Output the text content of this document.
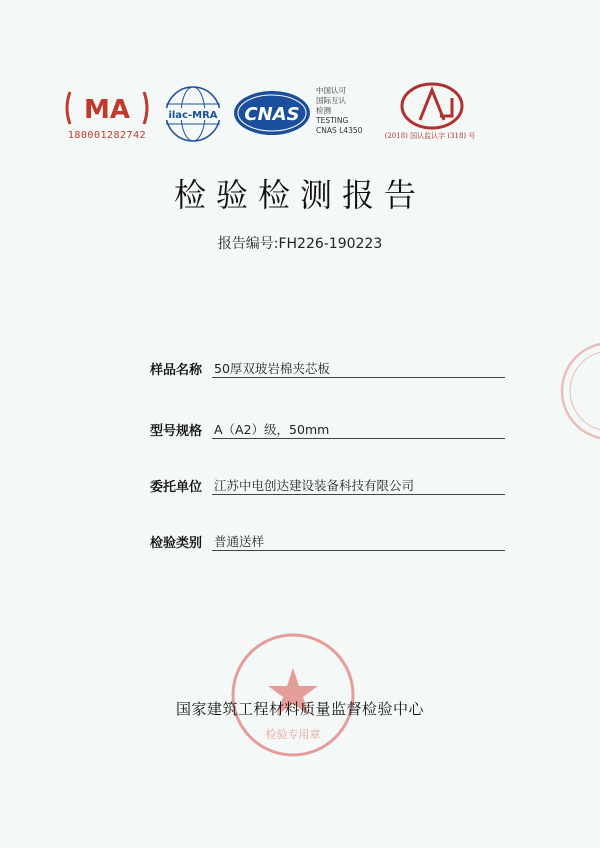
MA
180001282742
ilac-MRA CNAS
中国认可
国际互认
检测
TESTING
CNAS L4350	CAL
(2018) 国认监认字 (318) 号
检验检测报告
报告编号:FH226-190223
样品名称 50厚双玻岩棉夹芯板
型号规格 A（A2）级，50mm
委托单位 江苏中电创达建设装备科技有限公司
检验类别 普通送样
检验专用章
国家建筑工程材料质量监督检验中心
